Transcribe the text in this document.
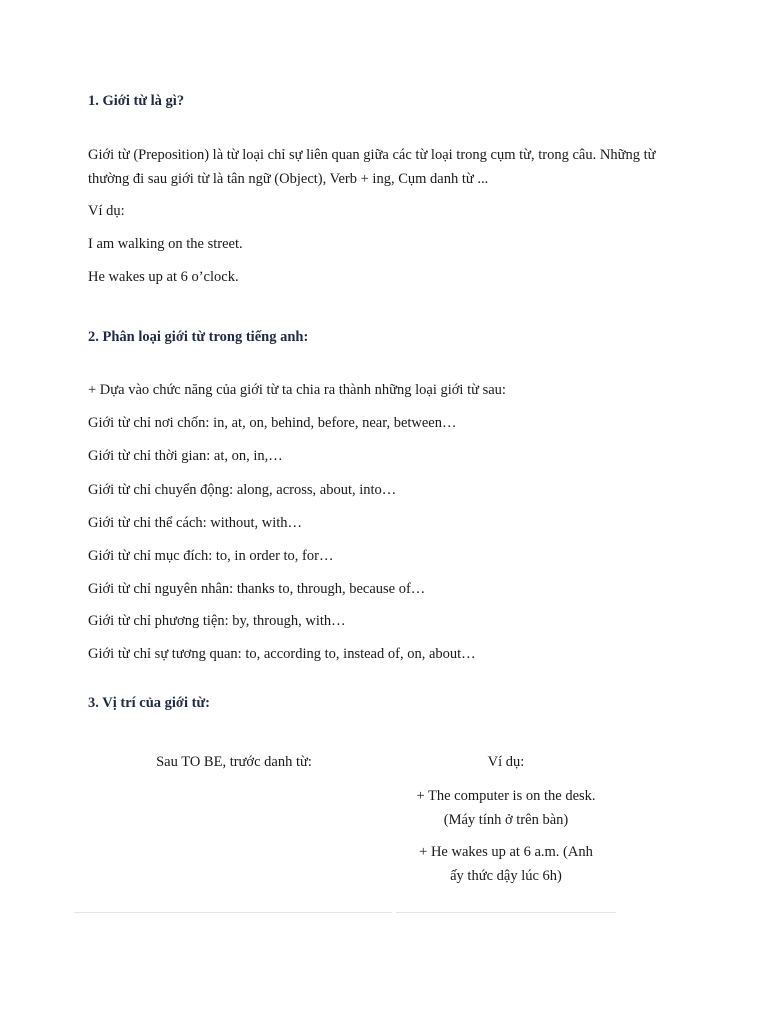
1. Giới từ là gì?

Giới từ (Preposition) là từ loại chỉ sự liên quan giữa các từ loại trong cụm từ, trong câu. Những từ

thường đi sau giới từ là tân ngữ (Object), Verb + ing, Cụm danh từ ...

Ví dụ:

I am walking on the street.

He wakes up at 6 o’clock.

2. Phân loại giới từ trong tiếng anh:

+ Dựa vào chức năng của giới từ ta chia ra thành những loại giới từ sau:

Giới từ chỉ nơi chốn: in, at, on, behind, before, near, between…

Giới từ chỉ thời gian: at, on, in,…

Giới từ chỉ chuyển động: along, across, about, into…

Giới từ chỉ thể cách: without, with…

Giới từ chỉ mục đích: to, in order to, for…

Giới từ chỉ nguyên nhân: thanks to, through, because of…

Giới từ chỉ phương tiện: by, through, with…

Giới từ chỉ sự tương quan: to, according to, instead of, on, about…

3. Vị trí của giới từ:
Sau TO BE, trước danh từ:	Ví dụ:
+ The computer is on the desk.
(Máy tính ở trên bàn)
+ He wakes up at 6 a.m. (Anh
ấy thức dậy lúc 6h)
